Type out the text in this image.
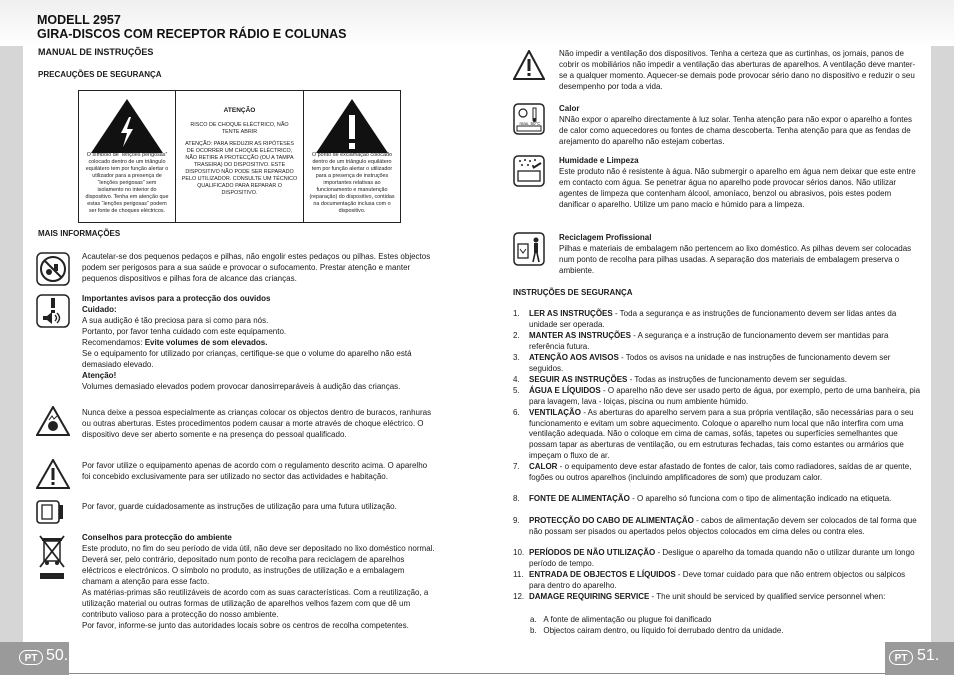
MODELL 2957
GIRA-DISCOS COM RECEPTOR RÁDIO E COLUNAS
PT 50.	PT 51.
MANUAL DE INSTRUÇÕES
PRECAUÇÕES DE SEGURANÇA
O símbolo de “lenções perigosas” colocado dentro de um triângulo equilátero tem por função alertar o utilizador para a presença de “lenções perigosas” sem isolamento no interior do dispositivo. Tenha em atenção que estas “lenções perigosas” podem ser fonte de choques eléctricos.
ATENÇÃO
RISCO DE CHOQUE ELÉCTRICO, NÃO TENTE ABRIR
ATENÇÃO: PARA REDUZIR AS RIPÓTESES DE OCORRER UM CHOQUE ELÉCTRICO, NÃO RETIRE A PROTECÇÃO (OU A TAMPA TRASEIRA) DO DISPOSITIVO. ESTE DISPOSITIVO NÃO PODE SER REPARADO PELO UTILIZADOR. CONSULTE UM TÉCNICO QUALIFICADO PARA REPARAR O DISPOSITIVO.
O ponto de exclamação colocado dentro de um triângulo equilátero tem por função alertar o utilizador para a presença de instruções importantes relativas ao funcionamento e manutenção (reparação) do dispositivo, contidas na documentação inclusa com o dispositivo.
MAIS INFORMAÇÕES
Acautelar-se dos pequenos pedaços e pilhas, não engolir estes pedaços ou pilhas. Estes objectos podem ser perigosos para a sua saúde e provocar o sufocamento. Prestar atenção e manter pequenos dispositivos e pilhas fora de alcance das crianças.
Importantes avisos para a protecção dos ouvidos
Cuidado:
A sua audição é tão preciosa para si como para nós.
Portanto, por favor tenha cuidado com este equipamento.
Recomendamos: Evite volumes de som elevados.
Se o equipamento for utilizado por crianças, certifique-se que o volume do aparelho não está demasiado elevado.
Atenção!
Volumes demasiado elevados podem provocar danosirreparáveis à audição das crianças.
Nunca deixe a pessoa especialmente as crianças colocar os objectos dentro de buracos, ranhuras ou outras aberturas. Estes procedimentos podem causar a morte através de choque eléctrico. O dispositivo deve ser aberto somente e na presença do pessoal qualificado.
Por favor utilize o equipamento apenas de acordo com o regulamento descrito acima. O aparelho foi concebido exclusivamente para ser utilizado no sector das actividades e habitação.
Por favor, guarde cuidadosamente as instruções de utilização para uma futura utilização.
Conselhos para protecção do ambiente
Este produto, no fim do seu período de vida útil, não deve ser depositado no lixo doméstico normal. Deverá ser, pelo contrário, depositado num ponto de recolha para reciclagem de aparelhos eléctricos e electrónicos. O símbolo no produto, as instruções de utilização e a embalagem chamam a atenção para esse facto.
As matérias-primas são reutilizáveis de acordo com as suas características. Com a reutilização, a utilização material ou outras formas de utilização de aparelhos velhos fazem com que dê um contributo valioso para a protecção do nosso ambiente.
Por favor, informe-se junto das autoridades locais sobre os centros de recolha competentes.
Não impedir a ventilação dos dispositivos. Tenha a certeza que as curtinhas, os jornais, panos de cobrir os mobiliários não impedir a ventilação das aberturas de aparelhos. A ventilação deve manter-se a qualquer momento. Aquecer-se demais pode provocar sério dano no dispositivo e reduzir o seu desempenho por toda a vida.
max. 50°C
Calor
NNão expor o aparelho directamente à luz solar. Tenha atenção para não expor o aparelho a fontes de calor como aquecedores ou fontes de chama descoberta. Tenha atenção para que as fendas de arejamento do aparelho não estejam cobertas.
Humidade e Limpeza
Este produto não é resistente à água. Não submergir o aparelho em água nem deixar que este entre em contacto com água. Se penetrar água no aparelho pode provocar sérios danos. Não utilizar agentes de limpeza que contenham álcool, amoníaco, benzol ou abrasivos, pois estes podem danificar o aparelho. Utilize um pano macio e húmido para a limpeza.
Reciclagem Profissional
Pilhas e materiais de embalagem não pertencem ao lixo doméstico. As pilhas devem ser colocadas num ponto de recolha para pilhas usadas. A separação dos materiais de embalagem preserva o ambiente.
INSTRUÇÕES DE SEGURANÇA
1.	LER AS INSTRUÇÕES - Toda a segurança e as instruções de funcionamento devem ser lidas antes da unidade ser operada.
2.	MANTER AS INSTRUÇÕES - A segurança e a instrução de funcionamento devem ser mantidas para referência futura.
3.	ATENÇÃO AOS AVISOS - Todos os avisos na unidade e nas instruções de funcionamento devem ser seguidos.
4.	SEGUIR AS INSTRUÇÕES - Todas as instruções de funcionamento devem ser seguidas.
5.	ÁGUA E LÍQUIDOS - O aparelho não deve ser usado perto de água, por exemplo, perto de uma banheira, pia para lavagem, lava - loiças, piscina ou num ambiente húmido.
6.	VENTILAÇÃO - As aberturas do aparelho servem para a sua própria ventilação, são necessárias para o seu funcionamento e evitam um sobre aquecimento. Coloque o aparelho num local que não interfira com uma ventilação adequada. Não o coloque em cima de camas, sofás, tapetes ou superfícies semelhantes que possam tapar as aberturas de ventilação, ou em estruturas fechadas, tais como estantes ou armários que impeçam o fluxo de ar.
7.	CALOR - o equipamento deve estar afastado de fontes de calor, tais como radiadores, saídas de ar quente, fogões ou outros aparelhos (incluindo amplificadores de som) que produzam calor.
8.	FONTE DE ALIMENTAÇÃO - O aparelho só funciona com o tipo de alimentação indicado na etiqueta.
9.	PROTECÇÃO DO CABO DE ALIMENTAÇÃO - cabos de alimentação devem ser colocados de tal forma que não possam ser pisados ou apertados pelos objectos colocados em cima deles ou contra eles.
10. PERÍODOS DE NÃO UTILIZAÇÃO - Desligue o aparelho da tomada quando não o utilizar durante um longo período de tempo.
11. ENTRADA DE OBJECTOS E LÍQUIDOS - Deve tomar cuidado para que não entrem objectos ou salpicos para dentro do aparelho.
12. DAMAGE REQUIRING SERVICE - The unit should be serviced by qualified service personnel when:
a. A fonte de alimentação ou plugue foi danificado
b. Objectos cairam dentro, ou líquido foi derrubado dentro da unidade.
